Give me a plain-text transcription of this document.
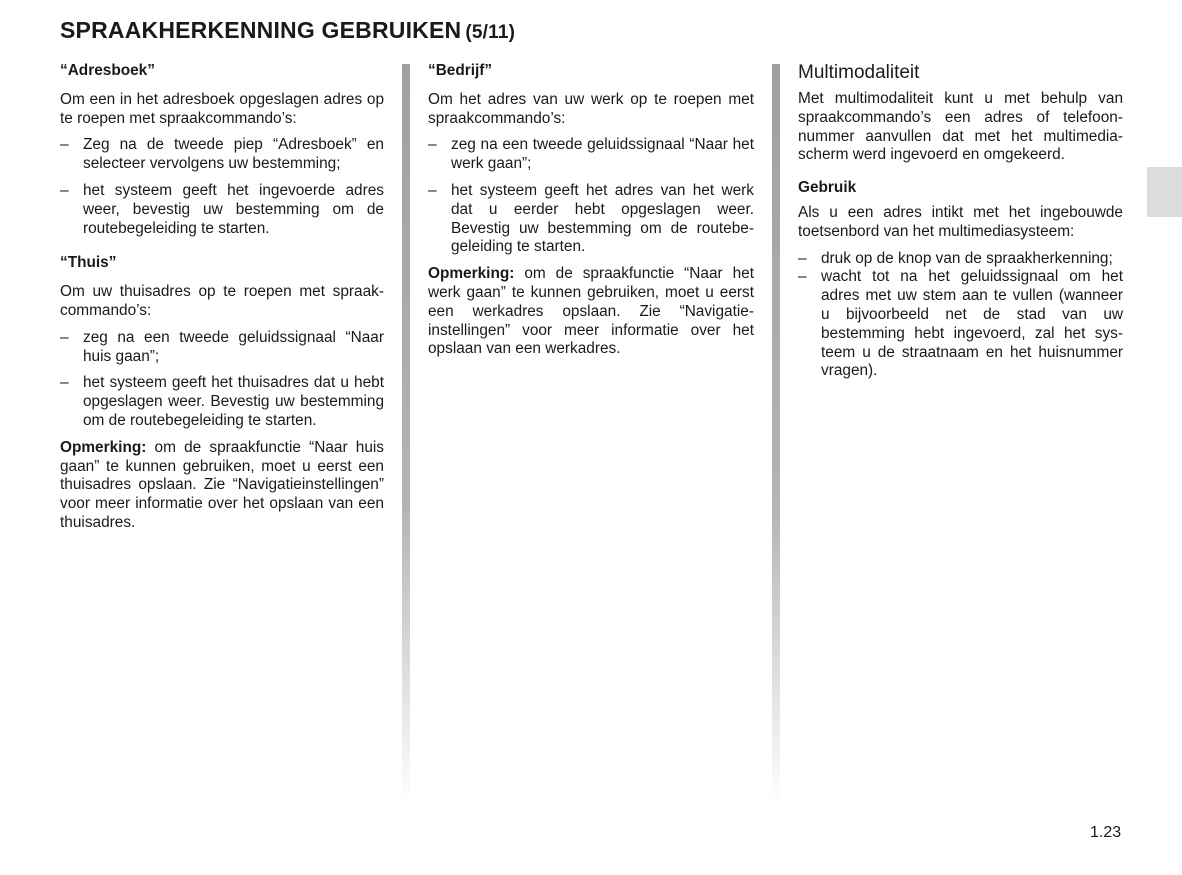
SPRAAKHERKENNING GEBRUIKEN (5/11)
“Adresboek”

Om een in het adresboek opgeslagen adres op te roepen met spraakcommando’s:

– Zeg na de tweede piep “Adresboek” en selecteer vervolgens uw bestemming;
– het systeem geeft het ingevoerde adres weer, bevestig uw bestemming om de routebegeleiding te starten.
“Thuis”

Om uw thuisadres op te roepen met spraakcommando’s:

– zeg na een tweede geluidssignaal “Naar huis gaan”;
– het systeem geeft het thuisadres dat u hebt opgeslagen weer. Bevestig uw bestemming om de routebegeleiding te starten.

Opmerking: om de spraakfunctie “Naar huis gaan” te kunnen gebruiken, moet u eerst een thuisadres opslaan. Zie “Navigatieinstellingen” voor meer informatie over het opslaan van een thuisadres.

“Bedrijf”

Om het adres van uw werk op te roepen met spraakcommando’s:

– zeg na een tweede geluidssignaal “Naar het werk gaan”;
– het systeem geeft het adres van het werk dat u eerder hebt opgeslagen weer. Bevestig uw bestemming om de routebegeleiding te starten.

Opmerking: om de spraakfunctie “Naar het werk gaan” te kunnen gebruiken, moet u eerst een werkadres opslaan. Zie “Navigatieinstellingen” voor meer informatie over het opslaan van een werkadres.

Multimodaliteit

Met multimodaliteit kunt u met behulp van spraakcommando’s een adres of telefoonnummer aanvullen dat met het multimediascherm werd ingevoerd en omgekeerd.

Gebruik

Als u een adres intikt met het ingebouwde toetsenbord van het multimediasysteem:

– druk op de knop van de spraakherkenning;
– wacht tot na het geluidssignaal om het adres met uw stem aan te vullen (wanneer u bijvoorbeeld net de stad van uw bestemming hebt ingevoerd, zal het systeem u de straatnaam en het huisnummer vragen).
1.23
